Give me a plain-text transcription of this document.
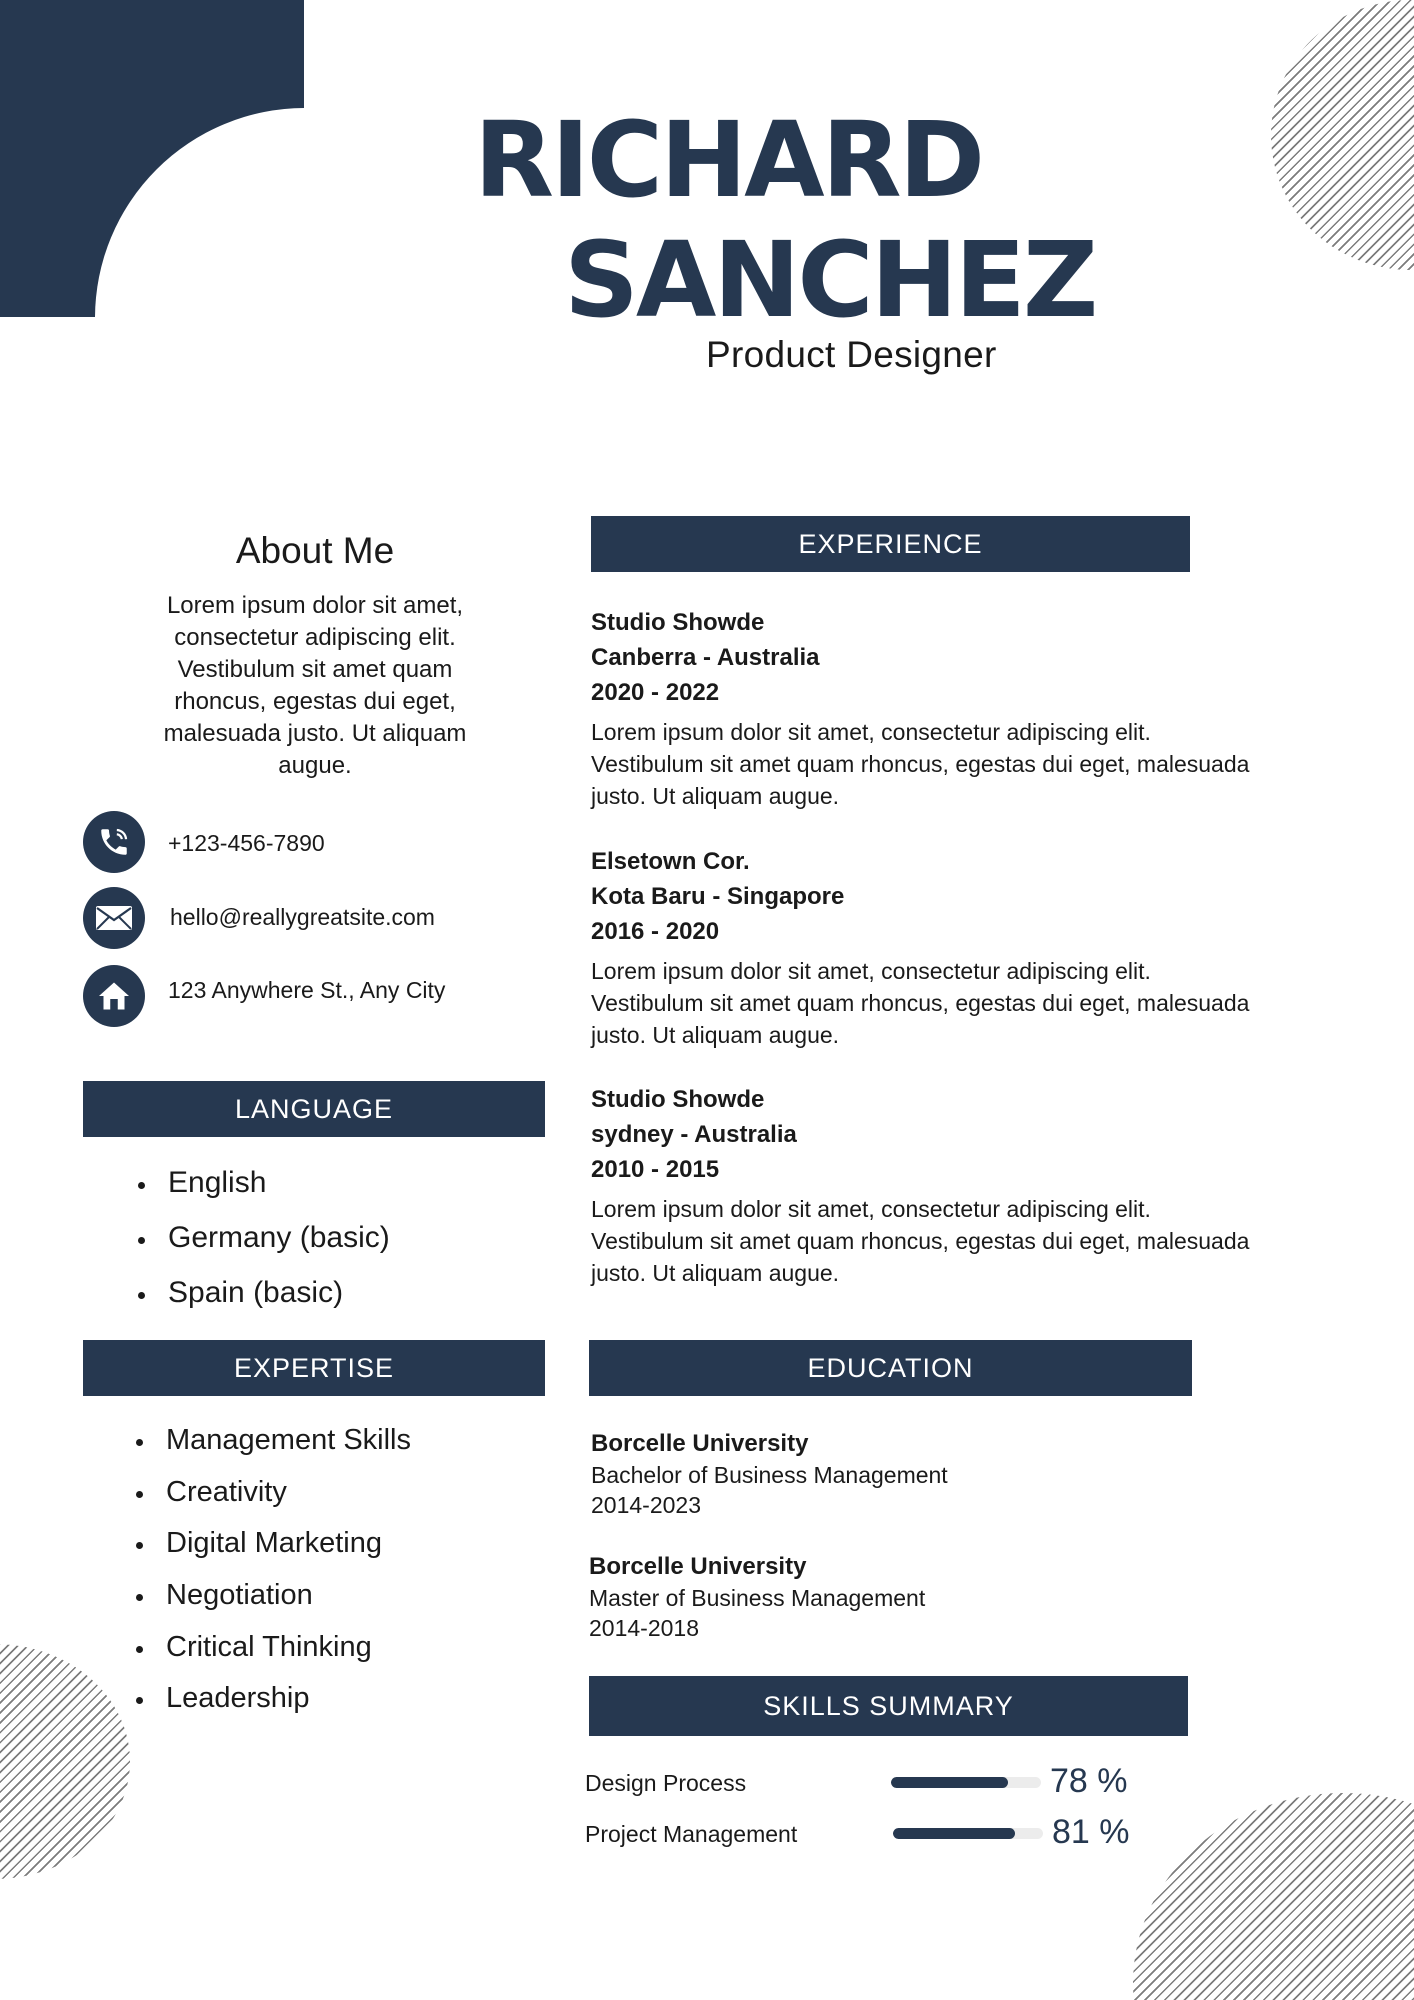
RICHARD
SANCHEZ
Product Designer
About Me
Lorem ipsum dolor sit amet, consectetur adipiscing elit. Vestibulum sit amet quam rhoncus, egestas dui eget, malesuada justo. Ut aliquam augue.
+123-456-7890
hello@reallygreatsite.com
123 Anywhere St., Any City
LANGUAGE
English
Germany (basic)
Spain (basic)
EXPERTISE
Management Skills
Creativity
Digital Marketing
Negotiation
Critical Thinking
Leadership
EXPERIENCE
Studio Showde
Canberra - Australia
2020 - 2022
Lorem ipsum dolor sit amet, consectetur adipiscing elit. Vestibulum sit amet quam rhoncus, egestas dui eget, malesuada justo. Ut aliquam augue.
Elsetown Cor.
Kota Baru - Singapore
2016 - 2020
Lorem ipsum dolor sit amet, consectetur adipiscing elit. Vestibulum sit amet quam rhoncus, egestas dui eget, malesuada justo. Ut aliquam augue.
Studio Showde
sydney - Australia
2010 - 2015
Lorem ipsum dolor sit amet, consectetur adipiscing elit. Vestibulum sit amet quam rhoncus, egestas dui eget, malesuada justo. Ut aliquam augue.
EDUCATION
Borcelle University
Bachelor of Business Management
2014-2023
Borcelle University
Master of Business Management
2014-2018
SKILLS SUMMARY
Design Process	78 %
Project Management	81 %
